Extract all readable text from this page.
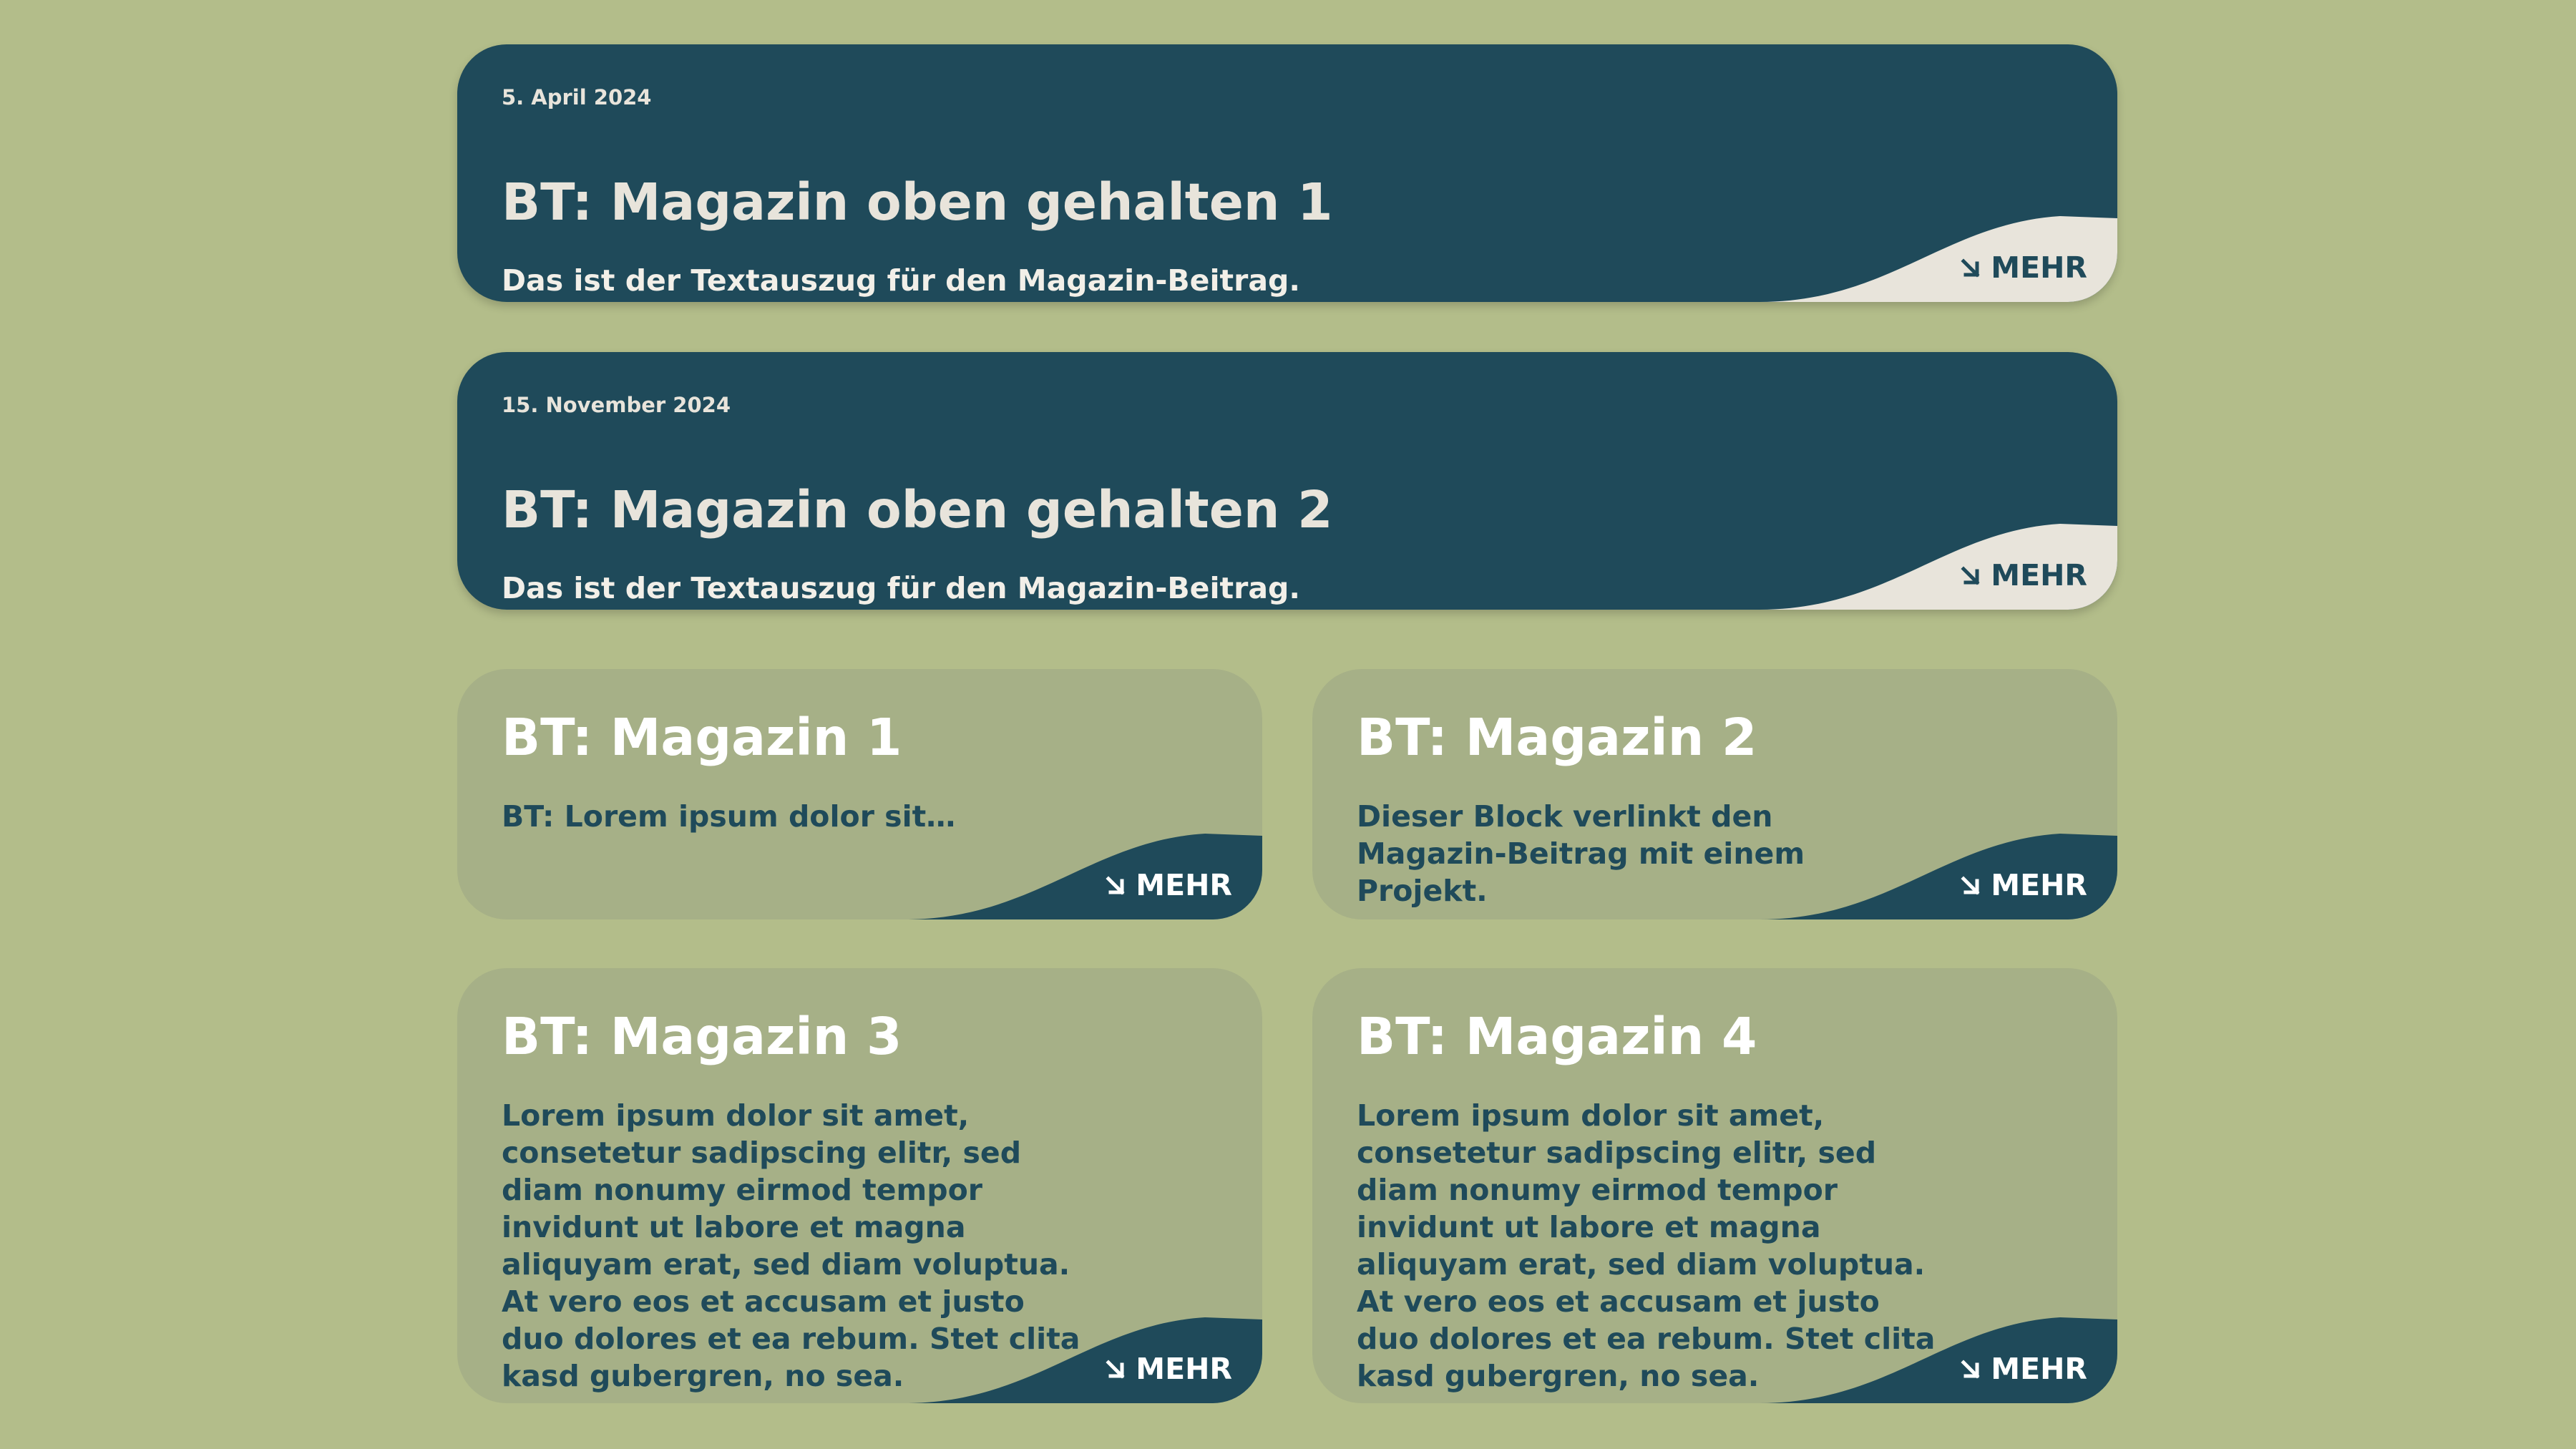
5. April 2024
BT: Magazin oben gehalten 1
Das ist der Textauszug für den Magazin-Beitrag.	MEHR
15. November 2024
BT: Magazin oben gehalten 2
Das ist der Textauszug für den Magazin-Beitrag.	MEHR
BT: Magazin 1
BT: Lorem ipsum dolor sit…
MEHR
BT: Magazin 2
Dieser Block verlinkt den Magazin-Beitrag mit einem Projekt.	MEHR
BT: Magazin 3
Lorem ipsum dolor sit amet, consetetur sadipscing elitr, sed diam nonumy eirmod tempor invidunt ut labore et magna aliquyam erat, sed diam voluptua. At vero eos et accusam et justo duo dolores et ea rebum. Stet clita kasd gubergren, no sea.	MEHR
BT: Magazin 4
Lorem ipsum dolor sit amet, consetetur sadipscing elitr, sed diam nonumy eirmod tempor invidunt ut labore et magna aliquyam erat, sed diam voluptua. At vero eos et accusam et justo duo dolores et ea rebum. Stet clita kasd gubergren, no sea.	MEHR
